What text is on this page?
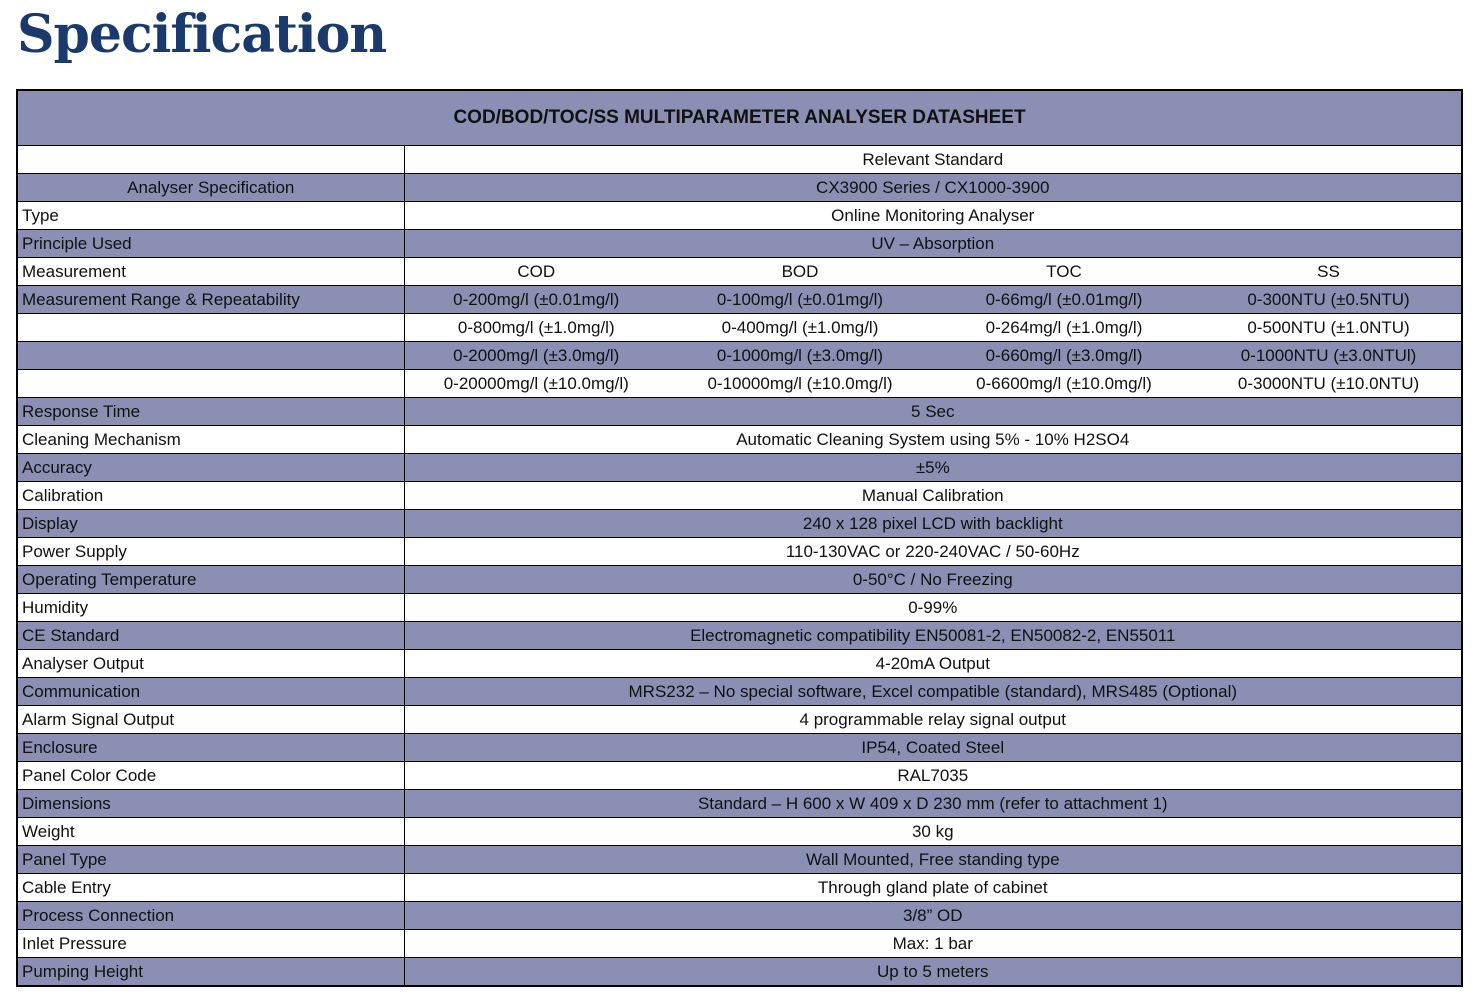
Specification
COD/BOD/TOC/SS MULTIPARAMETER ANALYSER DATASHEET				
	Relevant Standard			
Analyser Specification	CX3900 Series / CX1000-3900			
Type	Online Monitoring Analyser			
Principle Used	UV – Absorption			
Measurement	COD	BOD	TOC	SS
Measurement Range & Repeatability	0-200mg/l (±0.01mg/l)	0-100mg/l (±0.01mg/l)	0-66mg/l (±0.01mg/l)	0-300NTU (±0.5NTU)
	0-800mg/l (±1.0mg/l)	0-400mg/l (±1.0mg/l)	0-264mg/l (±1.0mg/l)	0-500NTU (±1.0NTU)
	0-2000mg/l (±3.0mg/l)	0-1000mg/l (±3.0mg/l)	0-660mg/l (±3.0mg/l)	0-1000NTU (±3.0NTUl)
	0-20000mg/l (±10.0mg/l)	0-10000mg/l (±10.0mg/l)	0-6600mg/l (±10.0mg/l)	0-3000NTU (±10.0NTU)
Response Time	5 Sec			
Cleaning Mechanism	Automatic Cleaning System using 5% - 10% H2SO4			
Accuracy	±5%			
Calibration	Manual Calibration			
Display	240 x 128 pixel LCD with backlight			
Power Supply	110-130VAC or 220-240VAC / 50-60Hz			
Operating Temperature	0-50°C / No Freezing			
Humidity	0-99%			
CE Standard	Electromagnetic compatibility EN50081-2, EN50082-2, EN55011			
Analyser Output	4-20mA Output			
Communication	MRS232 – No special software, Excel compatible (standard), MRS485 (Optional)			
Alarm Signal Output	4 programmable relay signal output			
Enclosure	IP54, Coated Steel			
Panel Color Code	RAL7035			
Dimensions	Standard – H 600 x W 409 x D 230 mm (refer to attachment 1)			
Weight	30 kg			
Panel Type	Wall Mounted, Free standing type			
Cable Entry	Through gland plate of cabinet			
Process Connection	3/8” OD			
Inlet Pressure	Max: 1 bar			
Pumping Height	Up to 5 meters			
